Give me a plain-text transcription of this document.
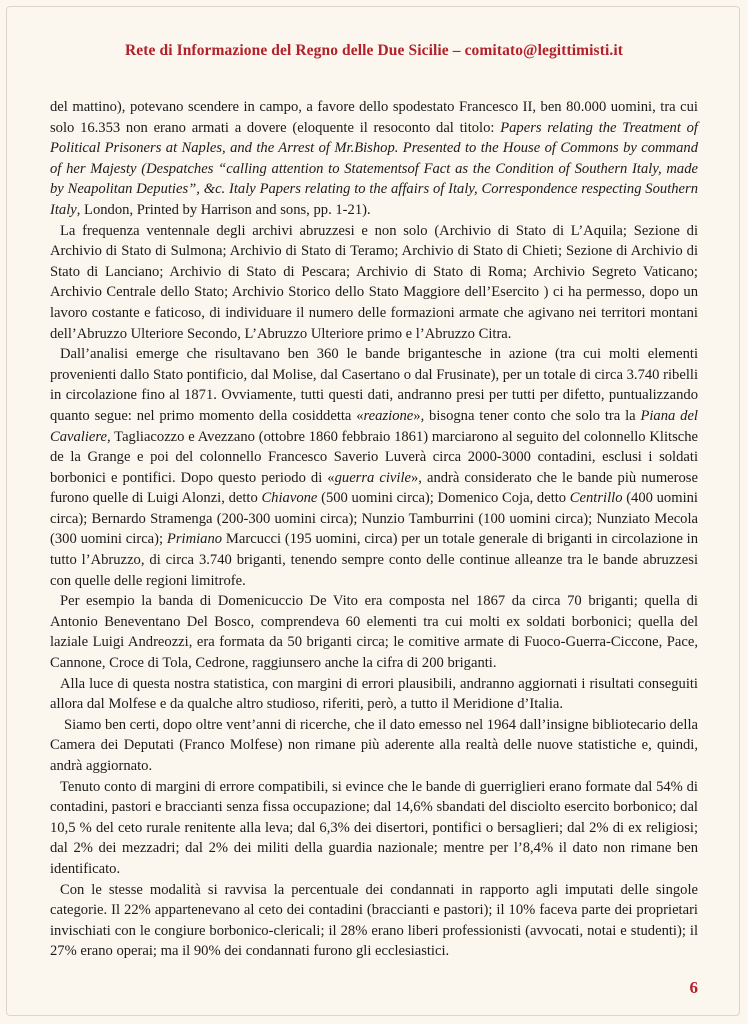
Rete di Informazione del Regno delle Due Sicilie – comitato@legittimisti.it

del mattino), potevano scendere in campo, a favore dello spodestato Francesco II, ben 80.000 uomini, tra cui solo 16.353 non erano armati a dovere (eloquente il resoconto dal titolo: Papers relating the Treatment of Political Prisoners at Naples, and the Arrest of Mr.Bishop. Presented to the House of Commons by command of her Majesty (Despatches “calling attention to Statementsof Fact as the Condition of Southern Italy, made by Neapolitan Deputies”, &c. Italy Papers relating to the affairs of Italy, Correspondence respecting Southern Italy, London, Printed by Harrison and sons, pp. 1-21).

La frequenza ventennale degli archivi abruzzesi e non solo (Archivio di Stato di L’Aquila; Sezione di Archivio di Stato di Sulmona; Archivio di Stato di Teramo; Archivio di Stato di Chieti; Sezione di Archivio di Stato di Lanciano; Archivio di Stato di Pescara; Archivio di Stato di Roma; Archivio Segreto Vaticano; Archivio Centrale dello Stato; Archivio Storico dello Stato Maggiore dell’Esercito ) ci ha permesso, dopo un lavoro costante e faticoso, di individuare il numero delle formazioni armate che agivano nei territori montani dell’Abruzzo Ulteriore Secondo, L’Abruzzo Ulteriore primo e l’Abruzzo Citra.

Dall’analisi emerge che risultavano ben 360 le bande brigantesche in azione (tra cui molti elementi provenienti dallo Stato pontificio, dal Molise, dal Casertano o dal Frusinate), per un totale di circa 3.740 ribelli in circolazione fino al 1871. Ovviamente, tutti questi dati, andranno presi per tutti per difetto, puntualizzando quanto segue: nel primo momento della cosiddetta «reazione», bisogna tener conto che solo tra la Piana del Cavaliere, Tagliacozzo e Avezzano (ottobre 1860 febbraio 1861) marciarono al seguito del colonnello Klitsche de la Grange e poi del colonnello Francesco Saverio Luverà circa 2000-3000 contadini, esclusi i soldati borbonici e pontifici. Dopo questo periodo di «guerra civile», andrà considerato che le bande più numerose furono quelle di Luigi Alonzi, detto Chiavone (500 uomini circa); Domenico Coja, detto Centrillo (400 uomini circa); Bernardo Stramenga (200-300 uomini circa); Nunzio Tamburrini (100 uomini circa); Nunziato Mecola (300 uomini circa); Primiano Marcucci (195 uomini, circa) per un totale generale di briganti in circolazione in tutto l’Abruzzo, di circa 3.740 briganti, tenendo sempre conto delle continue alleanze tra le bande abruzzesi con quelle delle regioni limitrofe.

Per esempio la banda di Domenicuccio De Vito era composta nel 1867 da circa 70 briganti; quella di Antonio Beneventano Del Bosco, comprendeva 60 elementi tra cui molti ex soldati borbonici; quella del laziale Luigi Andreozzi, era formata da 50 briganti circa; le comitive armate di Fuoco-Guerra-Ciccone, Pace, Cannone, Croce di Tola, Cedrone, raggiunsero anche la cifra di 200 briganti.

Alla luce di questa nostra statistica, con margini di errori plausibili, andranno aggiornati i risultati conseguiti allora dal Molfese e da qualche altro studioso, riferiti, però, a tutto il Meridione d’Italia.

Siamo ben certi, dopo oltre vent’anni di ricerche, che il dato emesso nel 1964 dall’insigne bibliotecario della Camera dei Deputati (Franco Molfese) non rimane più aderente alla realtà delle nuove statistiche e, quindi, andrà aggiornato.

Tenuto conto di margini di errore compatibili, si evince che le bande di guerriglieri erano formate dal 54% di contadini, pastori e braccianti senza fissa occupazione; dal 14,6% sbandati del disciolto esercito borbonico; dal 10,5 % del ceto rurale renitente alla leva; dal 6,3% dei disertori, pontifici o bersaglieri; dal 2% di ex religiosi; dal 2% dei mezzadri; dal 2% dei militi della guardia nazionale; mentre per l’8,4% il dato non rimane ben identificato.

Con le stesse modalità si ravvisa la percentuale dei condannati in rapporto agli imputati delle singole categorie. Il 22% appartenevano al ceto dei contadini (braccianti e pastori); il 10% faceva parte dei proprietari invischiati con le congiure borbonico-clericali; il 28% erano liberi professionisti (avvocati, notai e studenti); il 27% erano operai; ma il 90% dei condannati furono gli ecclesiastici.

6
